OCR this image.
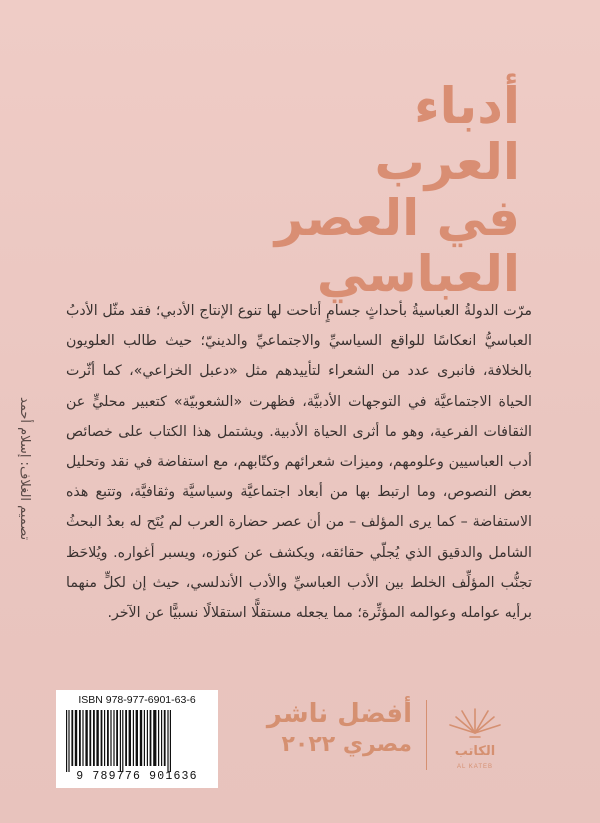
أدباء
العرب
في العصر
العباسي
تصميم الغلاف: إسلام أحمد
مرّت الدولةُ العباسيةُ بأحداثٍ جسامٍ أتاحت لها تنوع الإنتاج الأدبي؛ فقد مثّل الأدبُ العباسيُّ انعكاسًا للواقع السياسيِّ والاجتماعيِّ والدينيّ؛ حيث طالب العلويون بالخلافة، فانبرى عدد من الشعراء لتأييدهم مثل «دعبل الخزاعي»، كما أثّرت الحياة الاجتماعيَّة في التوجهات الأدبيَّة، فظهرت «الشعوبيّة» كتعبير محليٍّ عن الثقافات الفرعية، وهو ما أثرى الحياة الأدبية. ويشتمل هذا الكتاب على خصائص أدب العباسيين وعلومهم، وميزات شعرائهم وكتّابهم، مع استفاضة في نقد وتحليل بعض النصوص، وما ارتبط بها من أبعاد اجتماعيَّة وسياسيَّة وثقافيَّة، وتتبع هذه الاستفاضة – كما يرى المؤلف – من أن عصر حضارة العرب لم يُتَح له بعدُ البحثُ الشامل والدقيق الذي يُجلّي حقائقه، ويكشف عن كنوزه، ويسبر أغواره. ويُلاحَظ تجنُّب المؤلِّف الخلط بين الأدب العباسيِّ والأدب الأندلسي، حيث إن لكلٍّ منهما برأيه عوامله وعوالمه المؤثِّرة؛ مما يجعله مستقلًّا استقلالًا نسبيًّا عن الآخر.
ISBN 978-977-6901-63-6
9 789776 901636
أفضل ناشر
مصري ٢٠٢٢	الكاتب
AL KATEB
